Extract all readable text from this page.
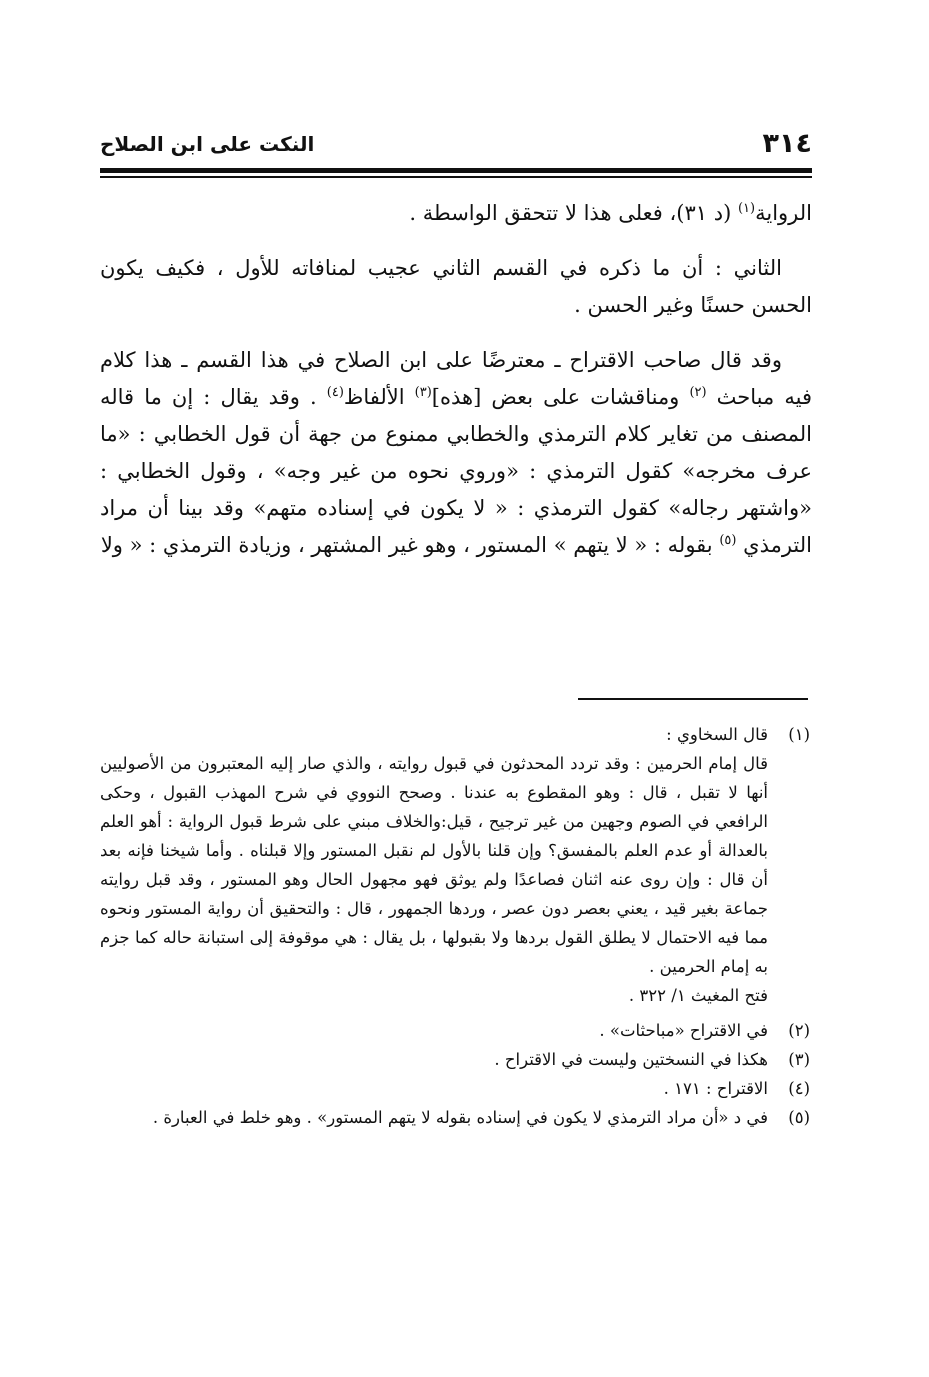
٣١٤
النكت على ابن الصلاح

الرواية$^{(١)}$ (د ٣١)، فعلى هذا لا تتحقق الواسطة .

الثاني : أن ما ذكره في القسم الثاني عجيب لمنافاته للأول ، فكيف يكون الحسن حسنًا وغير الحسن .

وقد قال صاحب الاقتراح ـ معترضًا على ابن الصلاح في هذا القسم ـ هذا كلام فيه مباحث $^{(٢)}$ ومناقشات على بعض [هذه]$^{(٣)}$ الألفاظ$^{(٤)}$ . وقد يقال : إن ما قاله المصنف من تغاير كلام الترمذي والخطابي ممنوع من جهة أن قول الخطابي : «ما عرف مخرجه» كقول الترمذي : «وروي نحوه من غير وجه» ، وقول الخطابي : «واشتهر رجاله» كقول الترمذي : « لا يكون في إسناده متهم» وقد بينا أن مراد الترمذي $^{(٥)}$ بقوله : « لا يتهم » المستور ، وهو غير المشتهر ، وزيادة الترمذي : « ولا

(١)قال السخاوي :

قال إمام الحرمين : وقد تردد المحدثون في قبول روايته ، والذي صار إليه المعتبرون من الأصوليين أنها لا تقبل ، قال : وهو المقطوع به عندنا . وصحح النووي في شرح المهذب القبول ، وحكى الرافعي في الصوم وجهين من غير ترجيح ، قيل:والخلاف مبني على شرط قبول الرواية : أهو العلم بالعدالة أو عدم العلم بالمفسق؟ وإن قلنا بالأول لم نقبل المستور وإلا قبلناه . وأما شيخنا فإنه بعد أن قال : وإن روى عنه اثنان فصاعدًا ولم يوثق فهو مجهول الحال وهو المستور ، وقد قبل روايته جماعة بغير قيد ، يعني بعصر دون عصر ، وردها الجمهور ، قال : والتحقيق أن رواية المستور ونحوه مما فيه الاحتمال لا يطلق القول بردها ولا بقبولها ، بل يقال : هي موقوفة إلى استبانة حاله كما جزم به إمام الحرمين .

فتح المغيث ١/ ٣٢٢ .

(٢)في الاقتراح «مباحثات» .

(٣)هكذا في النسختين وليست في الاقتراح .

(٤)الاقتراح : ١٧١ .

(٥)في د «أن مراد الترمذي لا يكون في إسناده بقوله لا يتهم المستور» . وهو خلط في العبارة .
